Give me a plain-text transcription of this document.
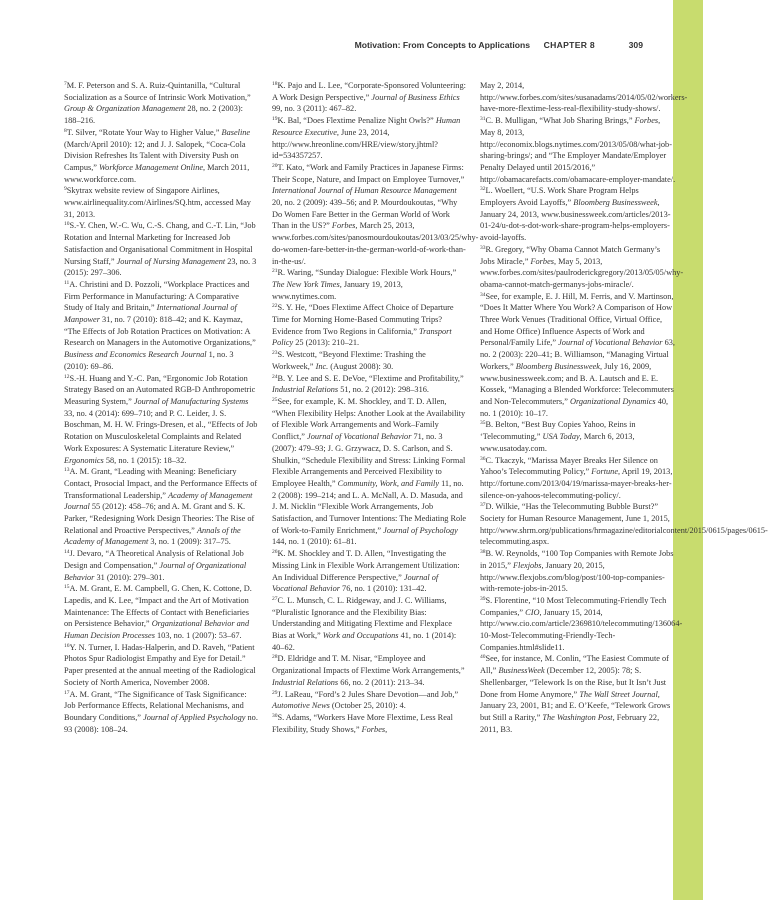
Motivation: From Concepts to Applications CHAPTER 8	309

$^7$M. F. Peterson and S. A. Ruiz-Quintanilla, “Cultural Socialization as a Source of Intrinsic Work Motivation,” Group & Organization Management 28, no. 2 (2003): 188–216.

$^8$T. Silver, “Rotate Your Way to Higher Value,” Baseline (March/April 2010): 12; and J. J. Salopek, “Coca-Cola Division Refreshes Its Talent with Diversity Push on Campus,” Workforce Management Online, March 2011, www.workforce.com.

$^9$Skytrax website review of Singapore Airlines, www.airlinequality.com/Airlines/SQ.htm, accessed May 31, 2013.

$^{10}$S.-Y. Chen, W.-C. Wu, C.-S. Chang, and C.-T. Lin, “Job Rotation and Internal Marketing for Increased Job Satisfaction and Organisational Commitment in Hospital Nursing Staff,” Journal of Nursing Management 23, no. 3 (2015): 297–306.

$^{11}$A. Christini and D. Pozzoli, “Workplace Practices and Firm Performance in Manufacturing: A Comparative Study of Italy and Britain,” International Journal of Manpower 31, no. 7 (2010): 818–42; and K. Kaymaz, “The Effects of Job Rotation Practices on Motivation: A Research on Managers in the Automotive Organizations,” Business and Economics Research Journal 1, no. 3 (2010): 69–86.

$^{12}$S.-H. Huang and Y.-C. Pan, “Ergonomic Job Rotation Strategy Based on an Automated RGB-D Anthropometric Measuring System,” Journal of Manufacturing Systems 33, no. 4 (2014): 699–710; and P. C. Leider, J. S. Boschman, M. H. W. Frings-Dresen, et al., “Effects of Job Rotation on Musculoskeletal Complaints and Related Work Exposures: A Systematic Literature Review,” Ergonomics 58, no. 1 (2015): 18–32.

$^{13}$A. M. Grant, “Leading with Meaning: Beneficiary Contact, Prosocial Impact, and the Performance Effects of Transformational Leadership,” Academy of Management Journal 55 (2012): 458–76; and A. M. Grant and S. K. Parker, “Redesigning Work Design Theories: The Rise of Relational and Proactive Perspectives,” Annals of the Academy of Management 3, no. 1 (2009): 317–75.

$^{14}$J. Devaro, “A Theoretical Analysis of Relational Job Design and Compensation,” Journal of Organizational Behavior 31 (2010): 279–301.

$^{15}$A. M. Grant, E. M. Campbell, G. Chen, K. Cottone, D. Lapedis, and K. Lee, “Impact and the Art of Motivation Maintenance: The Effects of Contact with Beneficiaries on Persistence Behavior,” Organizational Behavior and Human Decision Processes 103, no. 1 (2007): 53–67.

$^{16}$Y. N. Turner, I. Hadas-Halperin, and D. Raveh, “Patient Photos Spur Radiologist Empathy and Eye for Detail.” Paper presented at the annual meeting of the Radiological Society of North America, November 2008.

$^{17}$A. M. Grant, “The Significance of Task Significance: Job Performance Effects, Relational Mechanisms, and Boundary Conditions,” Journal of Applied Psychology no. 93 (2008): 108–24.

$^{18}$K. Pajo and L. Lee, “Corporate-Sponsored Volunteering: A Work Design Perspective,” Journal of Business Ethics 99, no. 3 (2011): 467–82.

$^{19}$K. Bal, “Does Flextime Penalize Night Owls?” Human Resource Executive, June 23, 2014, http://www.hreonline.com/HRE/view/story.jhtml?id=534357257.

$^{20}$T. Kato, “Work and Family Practices in Japanese Firms: Their Scope, Nature, and Impact on Employee Turnover,” International Journal of Human Resource Management 20, no. 2 (2009): 439–56; and P. Mourdoukoutas, “Why Do Women Fare Better in the German World of Work Than in the US?” Forbes, March 25, 2013, www.forbes.com/sites/panosmourdoukoutas/2013/03/25/why-do-women-fare-better-in-the-german-world-of-work-than-in-the-us/.

$^{21}$R. Waring, “Sunday Dialogue: Flexible Work Hours,” The New York Times, January 19, 2013, www.nytimes.com.

$^{22}$S. Y. He, “Does Flextime Affect Choice of Departure Time for Morning Home-Based Commuting Trips? Evidence from Two Regions in California,” Transport Policy 25 (2013): 210–21.

$^{23}$S. Westcott, “Beyond Flextime: Trashing the Workweek,” Inc. (August 2008): 30.

$^{24}$B. Y. Lee and S. E. DeVoe, “Flextime and Profitability,” Industrial Relations 51, no. 2 (2012): 298–316.

$^{25}$See, for example, K. M. Shockley, and T. D. Allen, “When Flexibility Helps: Another Look at the Availability of Flexible Work Arrangements and Work–Family Conflict,” Journal of Vocational Behavior 71, no. 3 (2007): 479–93; J. G. Grzywacz, D. S. Carlson, and S. Shulkin, “Schedule Flexibility and Stress: Linking Formal Flexible Arrangements and Perceived Flexibility to Employee Health,” Community, Work, and Family 11, no. 2 (2008): 199–214; and L. A. McNall, A. D. Masuda, and J. M. Nicklin “Flexible Work Arrangements, Job Satisfaction, and Turnover Intentions: The Mediating Role of Work-to-Family Enrichment,” Journal of Psychology 144, no. 1 (2010): 61–81.

$^{26}$K. M. Shockley and T. D. Allen, “Investigating the Missing Link in Flexible Work Arrangement Utilization: An Individual Difference Perspective,” Journal of Vocational Behavior 76, no. 1 (2010): 131–42.

$^{27}$C. L. Munsch, C. L. Ridgeway, and J. C. Williams, “Pluralistic Ignorance and the Flexibility Bias: Understanding and Mitigating Flextime and Flexplace Bias at Work,” Work and Occupations 41, no. 1 (2014): 40–62.

$^{28}$D. Eldridge and T. M. Nisar, “Employee and Organizational Impacts of Flextime Work Arrangements,” Industrial Relations 66, no. 2 (2011): 213–34.

$^{29}$J. LaReau, “Ford’s 2 Jules Share Devotion—and Job,” Automotive News (October 25, 2010): 4.

$^{30}$S. Adams, “Workers Have More Flextime, Less Real Flexibility, Study Shows,” Forbes,

May 2, 2014, http://www.forbes.com/sites/susanadams/2014/05/02/workers-have-more-flextime-less-real-flexibility-study-shows/.

$^{31}$C. B. Mulligan, “What Job Sharing Brings,” Forbes, May 8, 2013, http://economix.blogs.nytimes.com/2013/05/08/what-job-sharing-brings/; and “The Employer Mandate/Employer Penalty Delayed until 2015/2016,” http://obamacarefacts.com/obamacare-employer-mandate/.

$^{32}$L. Woellert, “U.S. Work Share Program Helps Employers Avoid Layoffs,” Bloomberg Businessweek, January 24, 2013, www.businessweek.com/articles/2013-01-24/u-dot-s-dot-work-share-program-helps-employers-avoid-layoffs.

$^{33}$R. Gregory, “Why Obama Cannot Match Germany’s Jobs Miracle,” Forbes, May 5, 2013, www.forbes.com/sites/paulroderickgregory/2013/05/05/why-obama-cannot-match-germanys-jobs-miracle/.

$^{34}$See, for example, E. J. Hill, M. Ferris, and V. Martinson, “Does It Matter Where You Work? A Comparison of How Three Work Venues (Traditional Office, Virtual Office, and Home Office) Influence Aspects of Work and Personal/Family Life,” Journal of Vocational Behavior 63, no. 2 (2003): 220–41; B. Williamson, “Managing Virtual Workers,” Bloomberg Businessweek, July 16, 2009, www.businessweek.com; and B. A. Lautsch and E. E. Kossek, “Managing a Blended Workforce: Telecommuters and Non-Telecommuters,” Organizational Dynamics 40, no. 1 (2010): 10–17.

$^{35}$B. Belton, “Best Buy Copies Yahoo, Reins in ‘Telecommuting,” USA Today, March 6, 2013, www.usatoday.com.

$^{36}$C. Tkaczyk, “Marissa Mayer Breaks Her Silence on Yahoo’s Telecommuting Policy,” Fortune, April 19, 2013, http://fortune.com/2013/04/19/marissa-mayer-breaks-her-silence-on-yahoos-telecommuting-policy/.

$^{37}$D. Wilkie, “Has the Telecommuting Bubble Burst?” Society for Human Resource Management, June 1, 2015, http://www.shrm.org/publications/hrmagazine/editorialcontent/2015/0615/pages/0615-telecommuting.aspx.

$^{38}$B. W. Reynolds, “100 Top Companies with Remote Jobs in 2015,” Flexjobs, January 20, 2015, http://www.flexjobs.com/blog/post/100-top-companies-with-remote-jobs-in-2015.

$^{39}$S. Florentine, “10 Most Telecommuting-Friendly Tech Companies,” CIO, January 15, 2014, http://www.cio.com/article/2369810/telecommuting/136064-10-Most-Telecommuting-Friendly-Tech-Companies.html#slide11.

$^{40}$See, for instance, M. Conlin, “The Easiest Commute of All,” BusinessWeek (December 12, 2005): 78; S. Shellenbarger, “Telework Is on the Rise, but It Isn’t Just Done from Home Anymore,” The Wall Street Journal, January 23, 2001, B1; and E. O’Keefe, “Telework Grows but Still a Rarity,” The Washington Post, February 22, 2011, B3.
